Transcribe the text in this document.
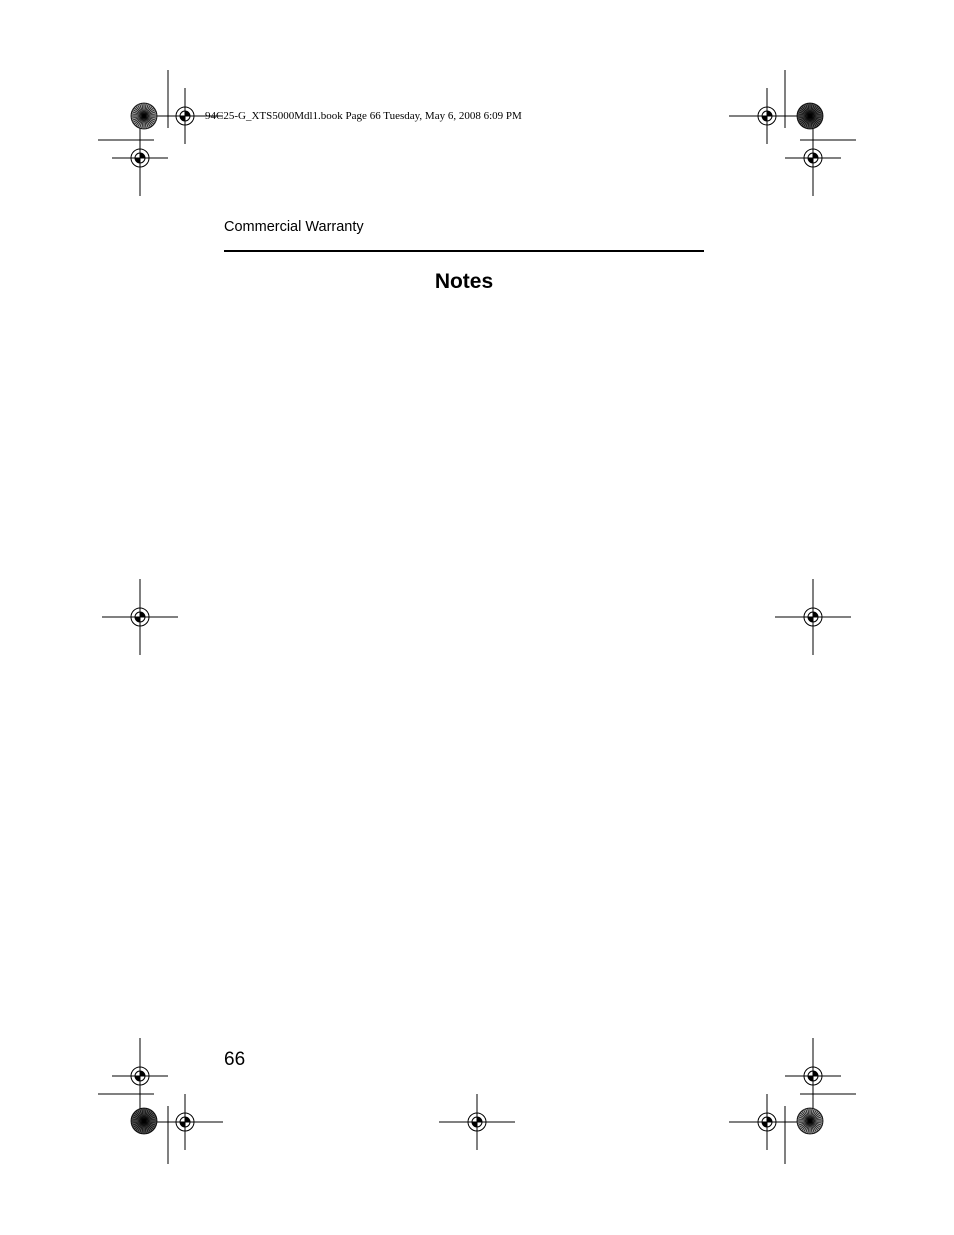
94C25-G_XTS5000Mdl1.book Page 66 Tuesday, May 6, 2008 6:09 PM
Commercial Warranty
Notes
66
